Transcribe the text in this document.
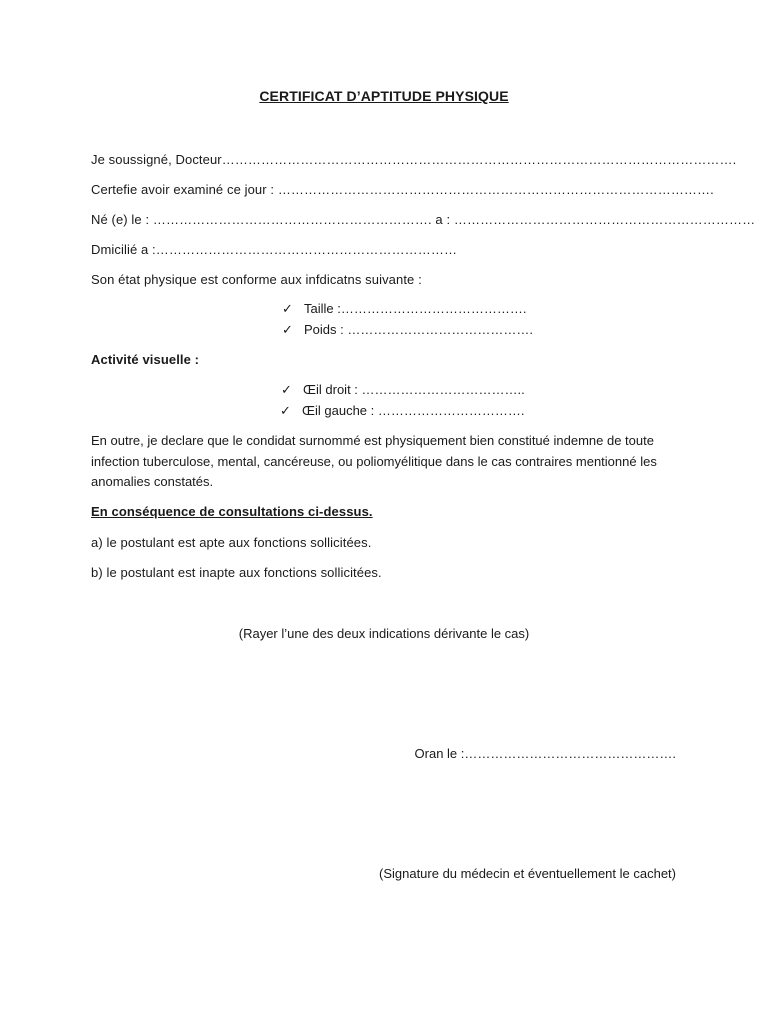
CERTIFICAT D’APTITUDE PHYSIQUE
Je soussigné, Docteur……………………………………………………………………………………………………….
Certefie avoir examiné ce jour : ……………………………………………………………………………………….
Né (e) le : ………………………………………………………. a : ……………………………………………………………
Dmicilié a :……………………………………………………………
Son état physique est conforme aux infdicatns suivante :
✓ Taille :…………………………………….
✓ Poids : …………………………………….
Activité visuelle :
✓ Œil droit : ………………………………..
✓ Œil gauche : …………………………….
En outre, je declare que le condidat surnommé est physiquement bien constitué indemne de toute infection tuberculose, mental, cancéreuse, ou poliomyélitique dans le cas contraires mentionné les anomalies constatés.
En conséquence de consultations ci-dessus.
a) le postulant est apte aux fonctions sollicitées.
b) le postulant est inapte aux fonctions sollicitées.
(Rayer l’une des deux indications dérivante le cas)
Oran le :………………………………………….
(Signature du médecin et éventuellement le cachet)
